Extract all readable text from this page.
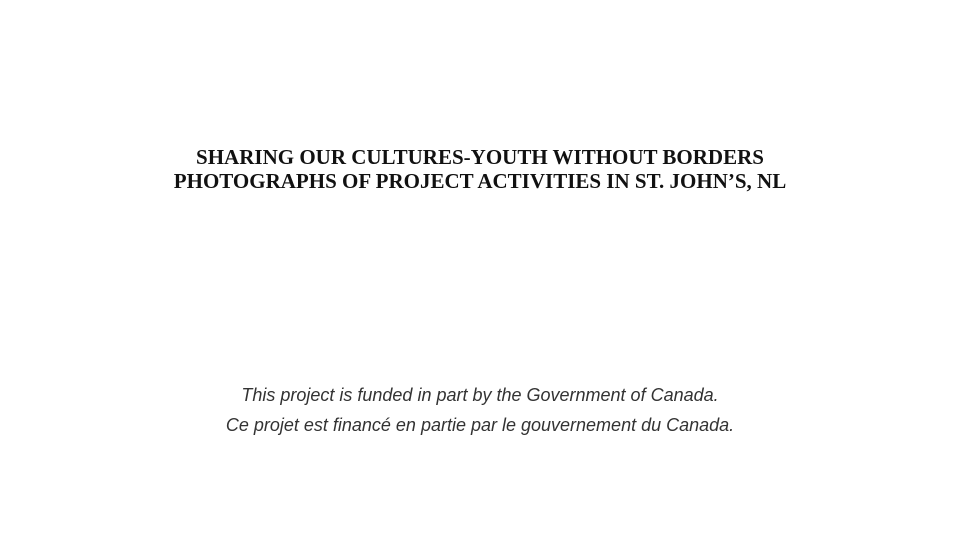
SHARING OUR CULTURES-YOUTH WITHOUT BORDERS
PHOTOGRAPHS OF PROJECT ACTIVITIES IN ST. JOHN’S, NL
This project is funded in part by the Government of Canada.
Ce projet est financé en partie par le gouvernement du Canada.
